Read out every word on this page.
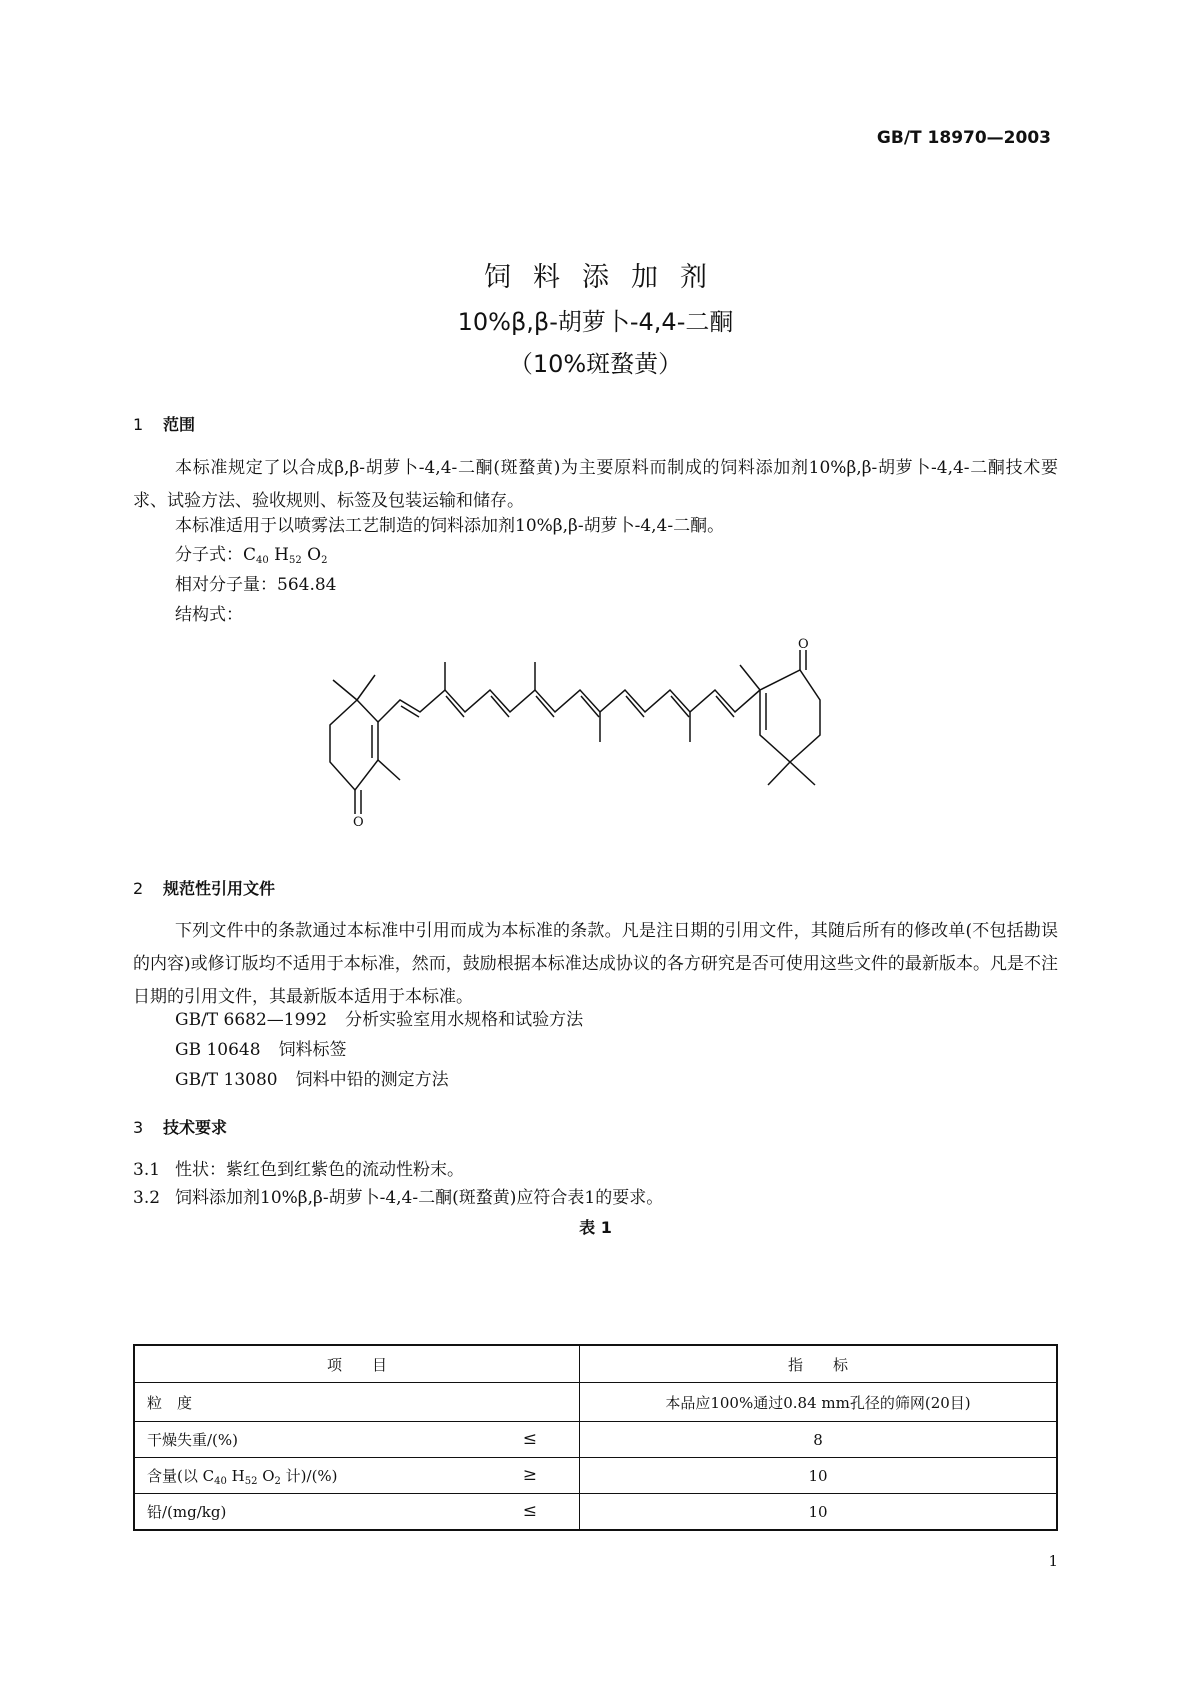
GB/T 18970—2003
饲料添加剂
10%β,β-胡萝卜-4,4-二酮
（10%斑蝥黄）
1 范围
本标准规定了以合成β,β-胡萝卜-4,4-二酮(斑蝥黄)为主要原料而制成的饲料添加剂10%β,β-胡萝卜-4,4-二酮技术要求、试验方法、验收规则、标签及包装运输和储存。
本标准适用于以喷雾法工艺制造的饲料添加剂10%β,β-胡萝卜-4,4-二酮。
分子式：$C_{40}$ $H_{52}$ $O_2$
相对分子量：564.84
结构式：
O
O
2 规范性引用文件
下列文件中的条款通过本标准中引用而成为本标准的条款。凡是注日期的引用文件，其随后所有的修改单(不包括勘误的内容)或修订版均不适用于本标准，然而，鼓励根据本标准达成协议的各方研究是否可使用这些文件的最新版本。凡是不注日期的引用文件，其最新版本适用于本标准。
GB/T 6682—1992 分析实验室用水规格和试验方法
GB 10648 饲料标签
GB/T 13080 饲料中铅的测定方法
3 技术要求
3.1 性状：紫红色到红紫色的流动性粉末。
3.2 饲料添加剂10%β,β-胡萝卜-4,4-二酮(斑蝥黄)应符合表1的要求。
表 1
项　　目	指　　标
粒　度	本品应100%通过0.84 mm孔径的筛网(20目)
干燥失重/(%) ≤	8
含量(以 $C_{40}$ $H_{52}$ $O_2$ 计)/(%) ≥	10
铅/(mg/kg) ≤	10
1
